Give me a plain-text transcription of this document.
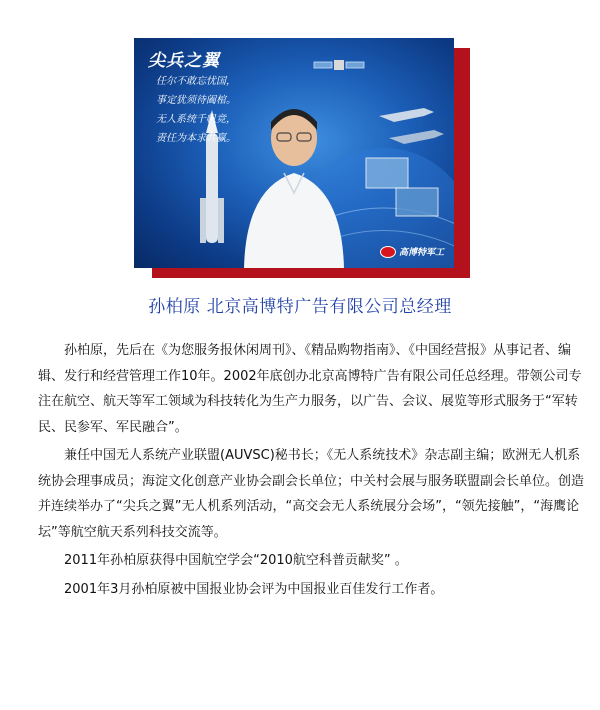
尖兵之翼
任尔不敢忘忧国，
事定犹须待阖棺。
无人系统千帆竞，
责任为本求共赢。
高博特军工
孙柏原 北京高博特广告有限公司总经理

孙柏原，先后在《为您服务报休闲周刊》、《精品购物指南》、《中国经营报》从事记者、编辑、发行和经营管理工作10年。2002年底创办北京高博特广告有限公司任总经理。带领公司专注在航空、航天等军工领域为科技转化为生产力服务，以广告、会议、展览等形式服务于“军转民、民参军、军民融合”。

兼任中国无人系统产业联盟(AUVSC)秘书长；《无人系统技术》杂志副主编；欧洲无人机系统协会理事成员；海淀文化创意产业协会副会长单位；中关村会展与服务联盟副会长单位。创造并连续举办了“尖兵之翼”无人机系列活动，“高交会无人系统展分会场”，“领先接触”，“海鹰论坛”等航空航天系列科技交流等。

2011年孙柏原获得中国航空学会“2010航空科普贡献奖” 。

2001年3月孙柏原被中国报业协会评为中国报业百佳发行工作者。
